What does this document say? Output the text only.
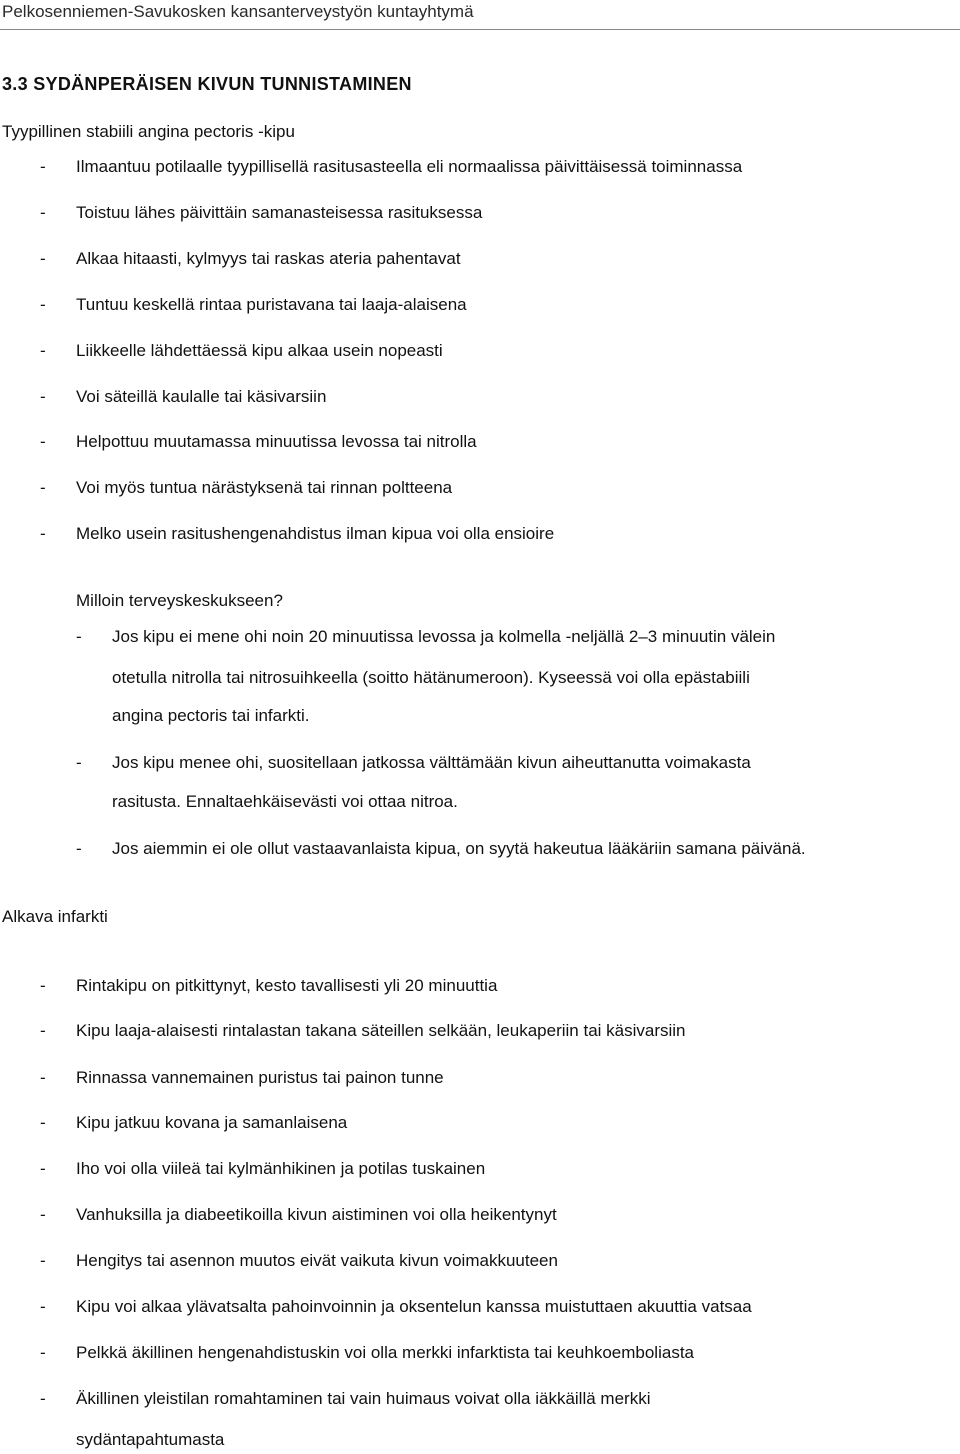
Pelkosenniemen-Savukosken kansanterveystyön kuntayhtymä
3.3 SYDÄNPERÄISEN KIVUN TUNNISTAMINEN
Tyypillinen stabiili angina pectoris -kipu
- Ilmaantuu potilaalle tyypillisellä rasitusasteella eli normaalissa päivittäisessä toiminnassa
- Toistuu lähes päivittäin samanasteisessa rasituksessa
- Alkaa hitaasti, kylmyys tai raskas ateria pahentavat
- Tuntuu keskellä rintaa puristavana tai laaja-alaisena
- Liikkeelle lähdettäessä kipu alkaa usein nopeasti
- Voi säteillä kaulalle tai käsivarsiin
- Helpottuu muutamassa minuutissa levossa tai nitrolla
- Voi myös tuntua närästyksenä tai rinnan poltteena
- Melko usein rasitushengenahdistus ilman kipua voi olla ensioire
Milloin terveyskeskukseen?
- Jos kipu ei mene ohi noin 20 minuutissa levossa ja kolmella -neljällä 2–3 minuutin välein
otetulla nitrolla tai nitrosuihkeella (soitto hätänumeroon). Kyseessä voi olla epästabiili
angina pectoris tai infarkti.
- Jos kipu menee ohi, suositellaan jatkossa välttämään kivun aiheuttanutta voimakasta
rasitusta. Ennaltaehkäisevästi voi ottaa nitroa.
- Jos aiemmin ei ole ollut vastaavanlaista kipua, on syytä hakeutua lääkäriin samana päivänä.
Alkava infarkti
- Rintakipu on pitkittynyt, kesto tavallisesti yli 20 minuuttia
- Kipu laaja-alaisesti rintalastan takana säteillen selkään, leukaperiin tai käsivarsiin
- Rinnassa vannemainen puristus tai painon tunne
- Kipu jatkuu kovana ja samanlaisena
- Iho voi olla viileä tai kylmänhikinen ja potilas tuskainen
- Vanhuksilla ja diabeetikoilla kivun aistiminen voi olla heikentynyt
- Hengitys tai asennon muutos eivät vaikuta kivun voimakkuuteen
- Kipu voi alkaa ylävatsalta pahoinvoinnin ja oksentelun kanssa muistuttaen akuuttia vatsaa
- Pelkkä äkillinen hengenahdistuskin voi olla merkki infarktista tai keuhkoemboliasta
- Äkillinen yleistilan romahtaminen tai vain huimaus voivat olla iäkkäillä merkki
sydäntapahtumasta
